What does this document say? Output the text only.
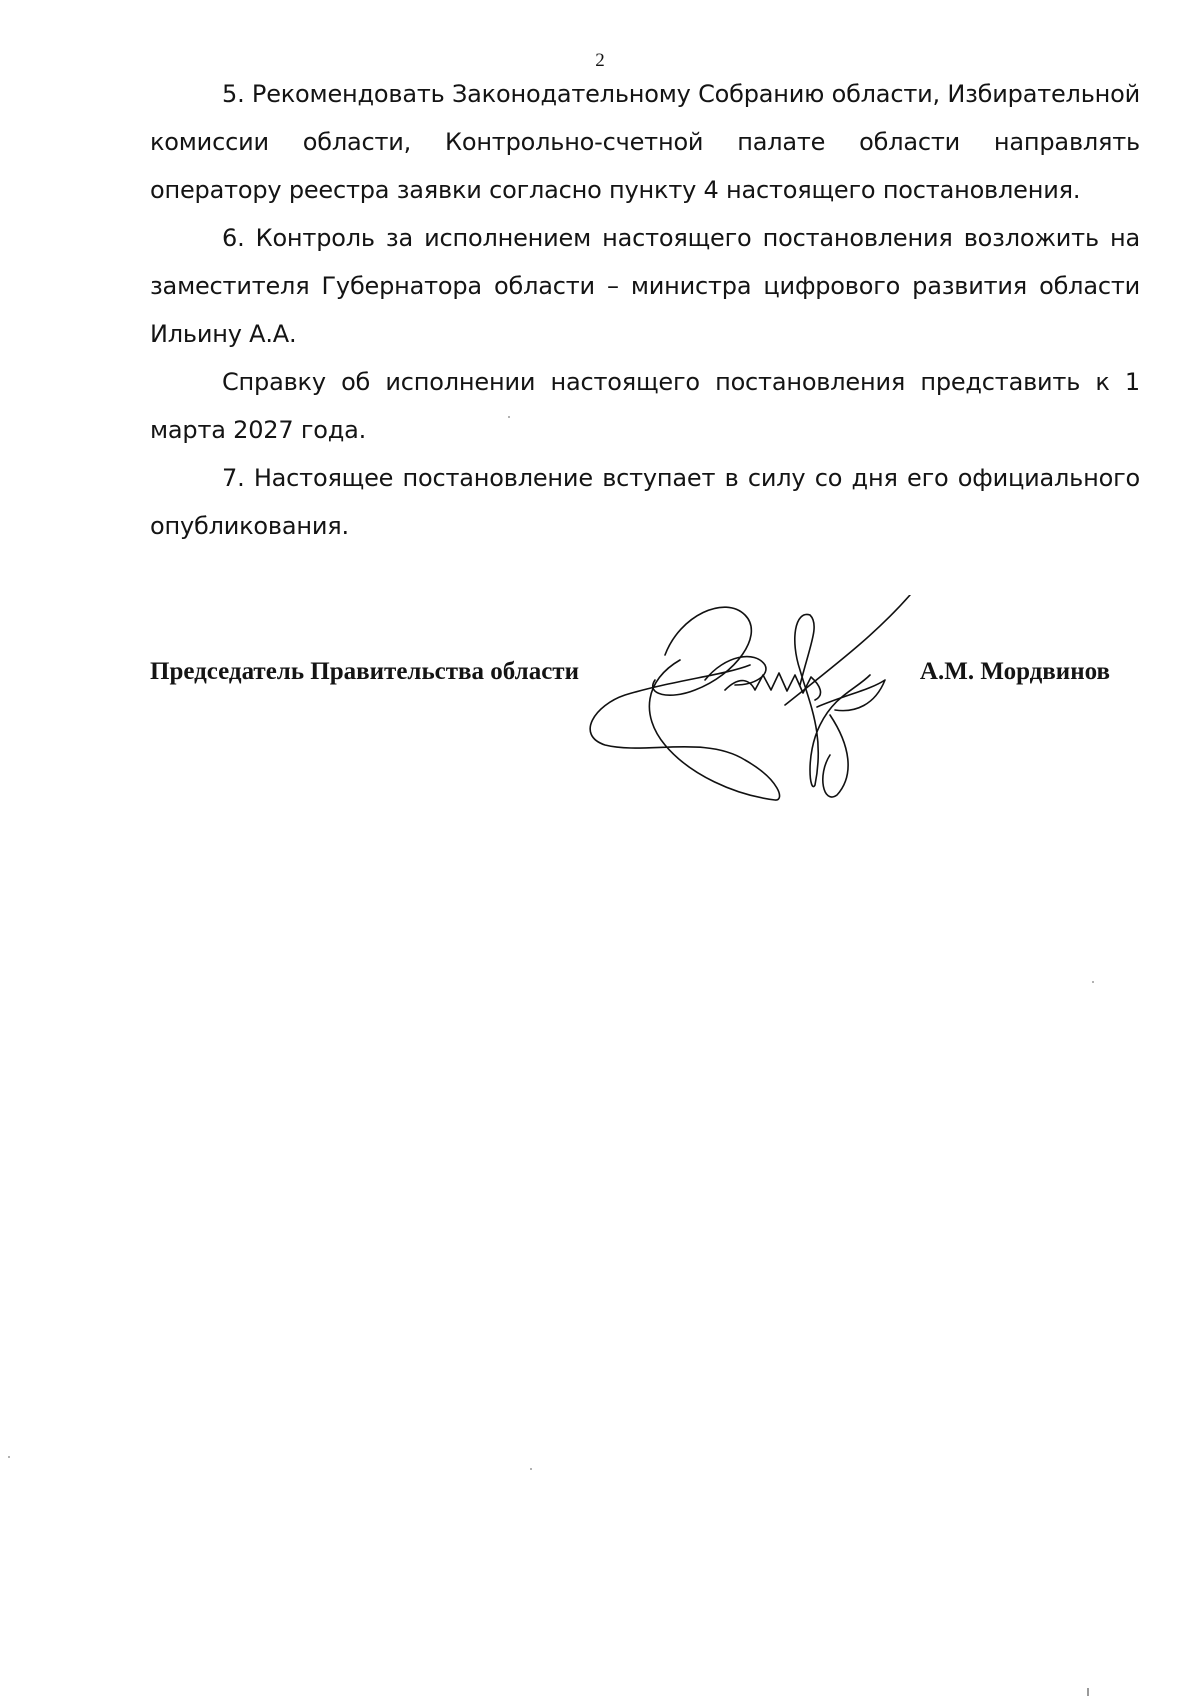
2

5. Рекомендовать Законодательному Собранию области, Избирательной комиссии области, Контрольно-счетной палате области направлять оператору реестра заявки согласно пункту 4 настоящего постановления.

6. Контроль за исполнением настоящего постановления возложить на заместителя Губернатора области – министра цифрового развития области Ильину А.А.

Справку об исполнении настоящего постановления представить к 1 марта 2027 года.

7. Настоящее постановление вступает в силу со дня его официального опубликования.

Председатель Правительства области	А.М. Мордвинов
